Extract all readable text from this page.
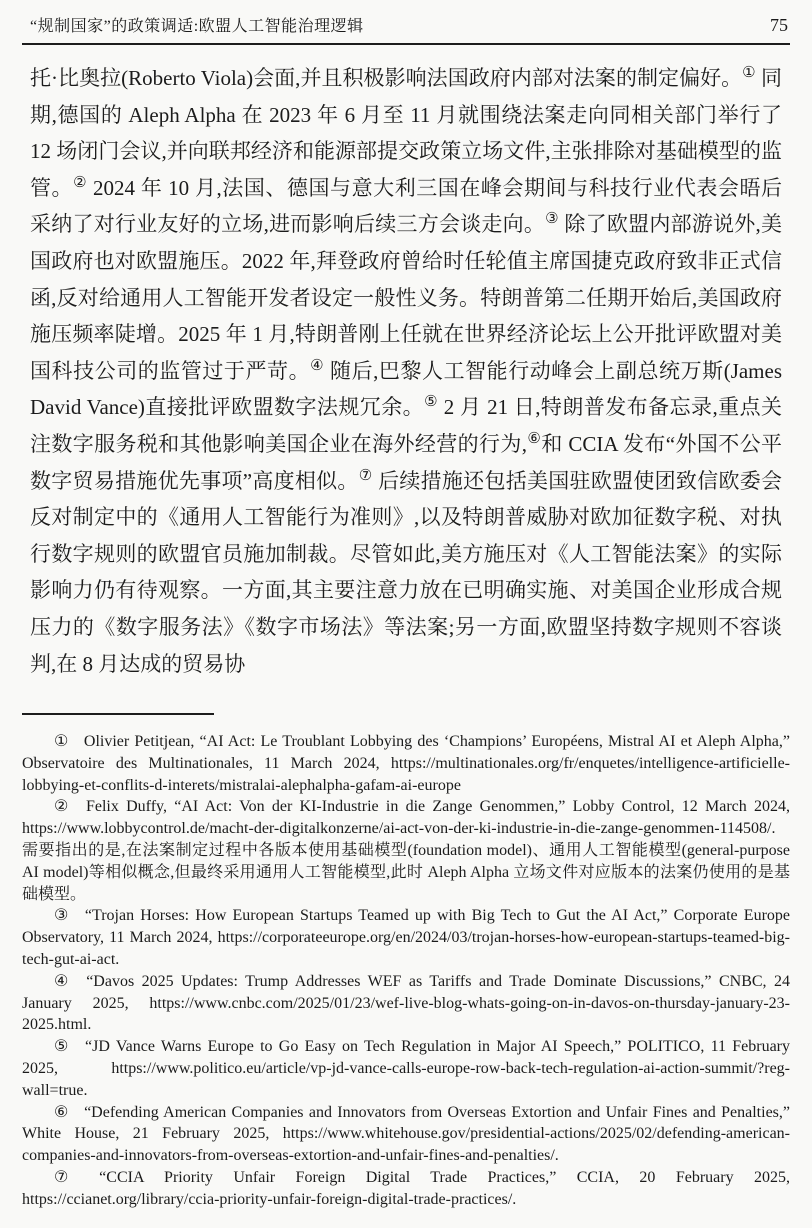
“规制国家”的政策调适:欧盟人工智能治理逻辑	75
托·比奥拉(Roberto Viola)会面,并且积极影响法国政府内部对法案的制定偏好。① 同期,德国的 Aleph Alpha 在 2023 年 6 月至 11 月就围绕法案走向同相关部门举行了 12 场闭门会议,并向联邦经济和能源部提交政策立场文件,主张排除对基础模型的监管。② 2024 年 10 月,法国、德国与意大利三国在峰会期间与科技行业代表会晤后采纳了对行业友好的立场,进而影响后续三方会谈走向。③ 除了欧盟内部游说外,美国政府也对欧盟施压。2022 年,拜登政府曾给时任轮值主席国捷克政府致非正式信函,反对给通用人工智能开发者设定一般性义务。特朗普第二任期开始后,美国政府施压频率陡增。2025 年 1 月,特朗普刚上任就在世界经济论坛上公开批评欧盟对美国科技公司的监管过于严苛。④ 随后,巴黎人工智能行动峰会上副总统万斯(James David Vance)直接批评欧盟数字法规冗余。⑤ 2 月 21 日,特朗普发布备忘录,重点关注数字服务税和其他影响美国企业在海外经营的行为,⑥和 CCIA 发布“外国不公平数字贸易措施优先事项”高度相似。⑦ 后续措施还包括美国驻欧盟使团致信欧委会反对制定中的《通用人工智能行为准则》,以及特朗普威胁对欧加征数字税、对执行数字规则的欧盟官员施加制裁。尽管如此,美方施压对《人工智能法案》的实际影响力仍有待观察。一方面,其主要注意力放在已明确实施、对美国企业形成合规压力的《数字服务法》《数字市场法》等法案;另一方面,欧盟坚持数字规则不容谈判,在 8 月达成的贸易协

① Olivier Petitjean, “AI Act: Le Troublant Lobbying des ‘Champions’ Européens, Mistral AI et Aleph Alpha,” Observatoire des Multinationales, 11 March 2024, https://multinationales.org/fr/enquetes/intelligence-artificielle-lobbying-et-conflits-d-interets/mistralai-alephalpha-gafam-ai-europe

② Felix Duffy, “AI Act: Von der KI-Industrie in die Zange Genommen,” Lobby Control, 12 March 2024, https://www.lobbycontrol.de/macht-der-digitalkonzerne/ai-act-von-der-ki-industrie-in-die-zange-genommen-114508/. 需要指出的是,在法案制定过程中各版本使用基础模型(foundation model)、通用人工智能模型(general-purpose AI model)等相似概念,但最终采用通用人工智能模型,此时 Aleph Alpha 立场文件对应版本的法案仍使用的是基础模型。

③ “Trojan Horses: How European Startups Teamed up with Big Tech to Gut the AI Act,” Corporate Europe Observatory, 11 March 2024, https://corporateeurope.org/en/2024/03/trojan-horses-how-european-startups-teamed-big-tech-gut-ai-act.

④ “Davos 2025 Updates: Trump Addresses WEF as Tariffs and Trade Dominate Discussions,” CNBC, 24 January 2025, https://www.cnbc.com/2025/01/23/wef-live-blog-whats-going-on-in-davos-on-thursday-january-23-2025.html.

⑤ “JD Vance Warns Europe to Go Easy on Tech Regulation in Major AI Speech,” POLITICO, 11 February 2025, https://www.politico.eu/article/vp-jd-vance-calls-europe-row-back-tech-regulation-ai-action-summit/?reg-wall=true.

⑥ “Defending American Companies and Innovators from Overseas Extortion and Unfair Fines and Penalties,” White House, 21 February 2025, https://www.whitehouse.gov/presidential-actions/2025/02/defending-american-companies-and-innovators-from-overseas-extortion-and-unfair-fines-and-penalties/.

⑦ “CCIA Priority Unfair Foreign Digital Trade Practices,” CCIA, 20 February 2025, https://ccianet.org/library/ccia-priority-unfair-foreign-digital-trade-practices/.
